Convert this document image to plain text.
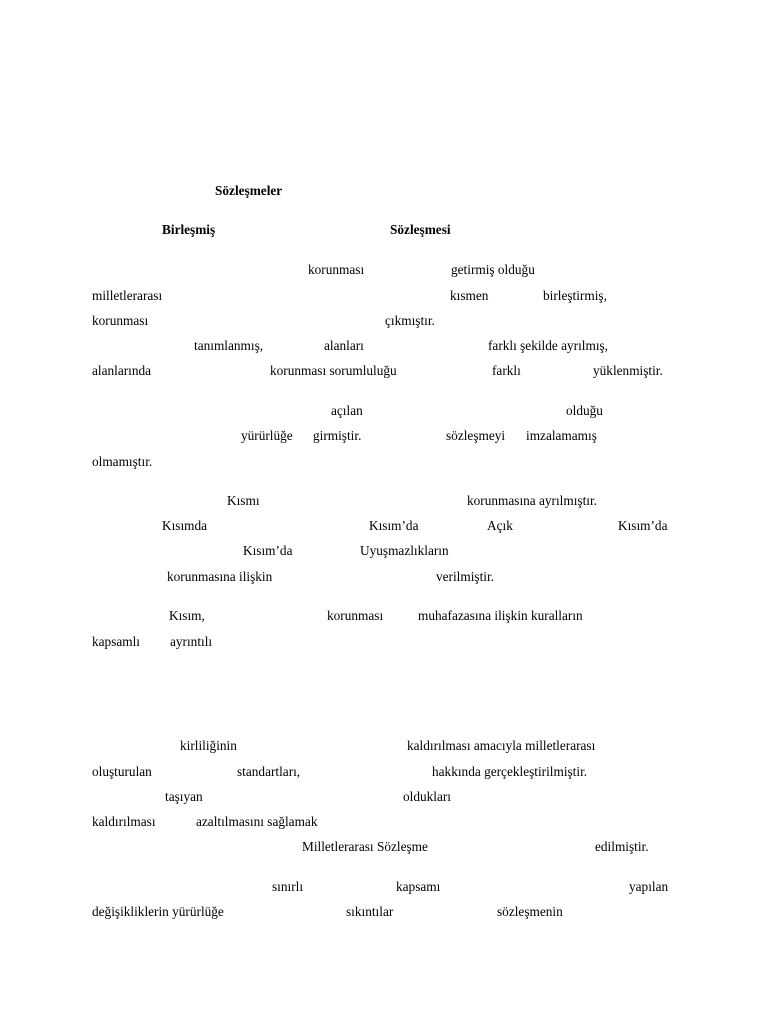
Sözleşmeler
Birleşmiş	Sözleşmesi
korunması	getirmiş olduğu
milletlerarası	kısmen	birleştirmiş,
korunması	çıkmıştır.
tanımlanmış,	alanları	farklı şekilde ayrılmış,
alanlarında	korunması sorumluluğu	farklı	yüklenmiştir.
açılan	olduğu
yürürlüğe girmiştir.	sözleşmeyi imzalamamış
olmamıştır.
Kısmı	korunmasına ayrılmıştır.
Kısımda	Kısım’da	Açık	Kısım’da
Kısım’da	Uyuşmazlıkların
korunmasına ilişkin	verilmiştir.
Kısım,	korunması	muhafazasına ilişkin kuralların
kapsamlı ayrıntılı
kirliliğinin	kaldırılması amacıyla milletlerarası
oluşturulan	standartları,	hakkında gerçekleştirilmiştir.
taşıyan	oldukları
kaldırılması	azaltılmasını sağlamak
Milletlerarası Sözleşme	edilmiştir.
sınırlı	kapsamı	yapılan
değişikliklerin yürürlüğe	sıkıntılar	sözleşmenin
